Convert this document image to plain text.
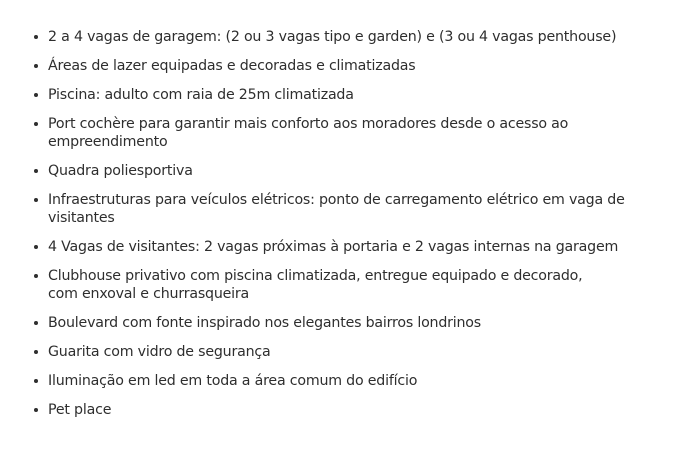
2 a 4 vagas de garagem: (2 ou 3 vagas tipo e garden) e (3 ou 4 vagas penthouse)
Áreas de lazer equipadas e decoradas e climatizadas
Piscina: adulto com raia de 25m climatizada
Port cochère para garantir mais conforto aos moradores desde o acesso ao empreendimento
Quadra poliesportiva
Infraestruturas para veículos elétricos: ponto de carregamento elétrico em vaga de visitantes
4 Vagas de visitantes: 2 vagas próximas à portaria e 2 vagas internas na garagem
Clubhouse privativo com piscina climatizada, entregue equipado e decorado, com enxoval e churrasqueira
Boulevard com fonte inspirado nos elegantes bairros londrinos
Guarita com vidro de segurança
Iluminação em led em toda a área comum do edifício
Pet place
